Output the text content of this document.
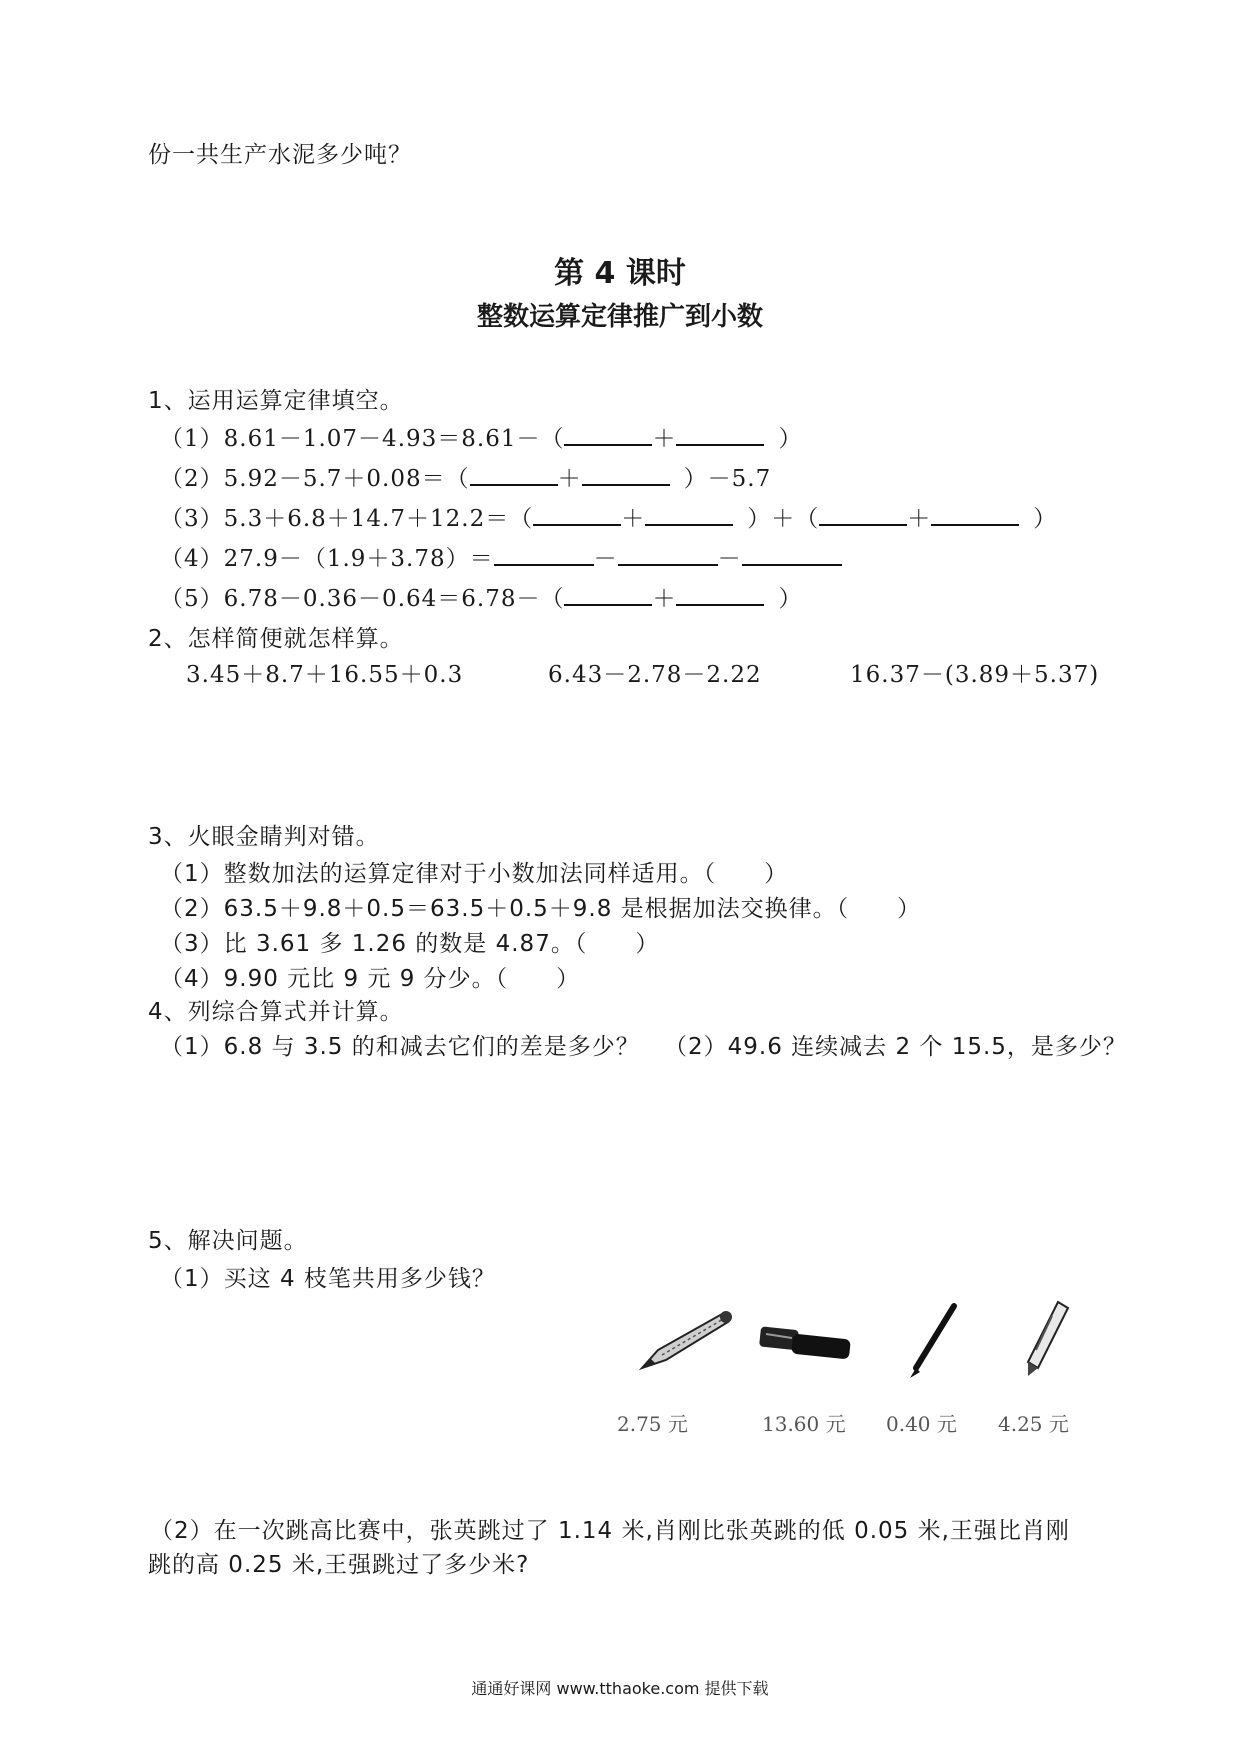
份一共生产水泥多少吨？
第 4 课时
整数运算定律推广到小数
1、运用运算定律填空。
（1）8.61－1.07－4.93＝8.61－（	＋	）
（2）5.92－5.7＋0.08＝（	＋	）－5.7
（3）5.3＋6.8＋14.7＋12.2＝（	＋	）＋（	＋	）
（4）27.9－（1.9＋3.78）＝	－	－
（5）6.78－0.36－0.64＝6.78－（	＋	）
2、怎样简便就怎样算。
3.45＋8.7＋16.55＋0.3	6.43－2.78－2.22	16.37－(3.89＋5.37)
3、火眼金睛判对错。
（1）整数加法的运算定律对于小数加法同样适用。（　　）
（2）63.5＋9.8＋0.5＝63.5＋0.5＋9.8 是根据加法交换律。（　　）
（3）比 3.61 多 1.26 的数是 4.87。（　　）
（4）9.90 元比 9 元 9 分少。（　　）
4、列综合算式并计算。
（1）6.8 与 3.5 的和减去它们的差是多少？ （2）49.6 连续减去 2 个 15.5，是多少？
5、解决问题。
（1）买这 4 枝笔共用多少钱？
2.75 元	13.60 元 0.40 元 4.25 元
（2）在一次跳高比赛中，张英跳过了 1.14 米,肖刚比张英跳的低 0.05 米,王强比肖刚
跳的高 0.25 米,王强跳过了多少米?
通通好课网 www.tthaoke.com 提供下载
